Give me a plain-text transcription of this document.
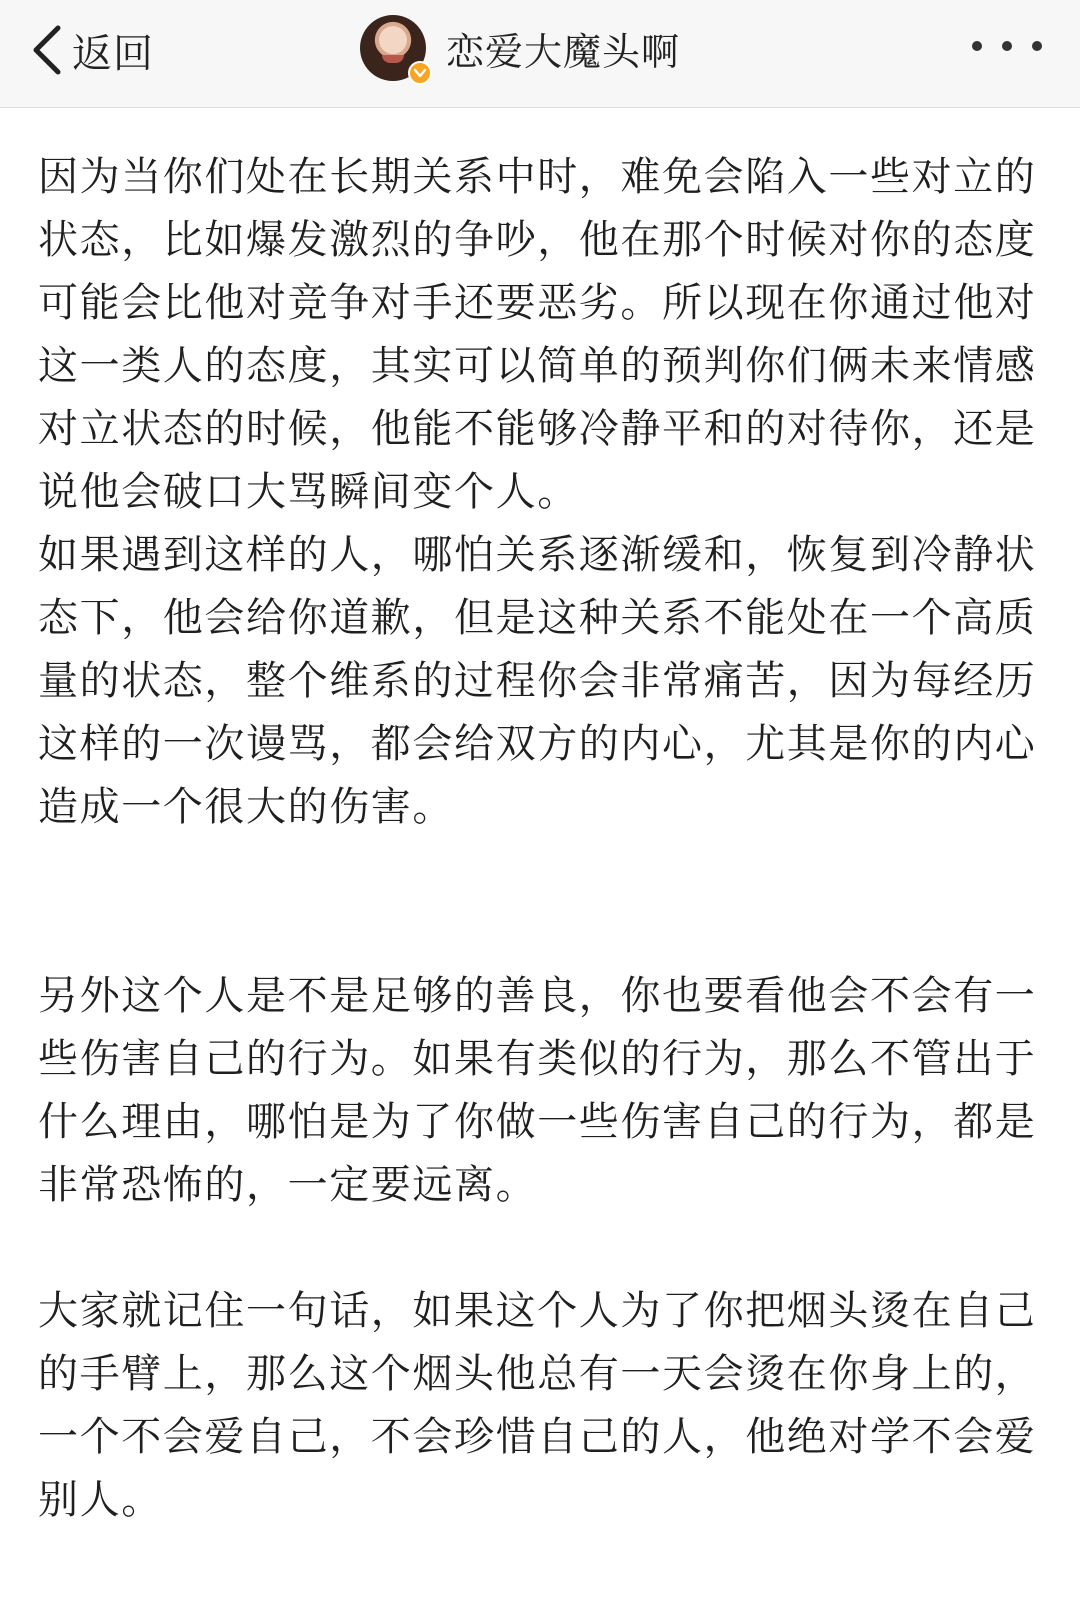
返回	恋爱大魔头啊

因为当你们处在长期关系中时，难免会陷入一些对立的状态，比如爆发激烈的争吵，他在那个时候对你的态度可能会比他对竞争对手还要恶劣。所以现在你通过他对这一类人的态度，其实可以简单的预判你们俩未来情感对立状态的时候，他能不能够冷静平和的对待你，还是说他会破口大骂瞬间变个人。

如果遇到这样的人，哪怕关系逐渐缓和，恢复到冷静状态下，他会给你道歉，但是这种关系不能处在一个高质量的状态，整个维系的过程你会非常痛苦，因为每经历这样的一次谩骂，都会给双方的内心，尤其是你的内心造成一个很大的伤害。

另外这个人是不是足够的善良，你也要看他会不会有一些伤害自己的行为。如果有类似的行为，那么不管出于什么理由，哪怕是为了你做一些伤害自己的行为，都是非常恐怖的，一定要远离。

大家就记住一句话，如果这个人为了你把烟头烫在自己的手臂上，那么这个烟头他总有一天会烫在你身上的，一个不会爱自己，不会珍惜自己的人，他绝对学不会爱别人。
